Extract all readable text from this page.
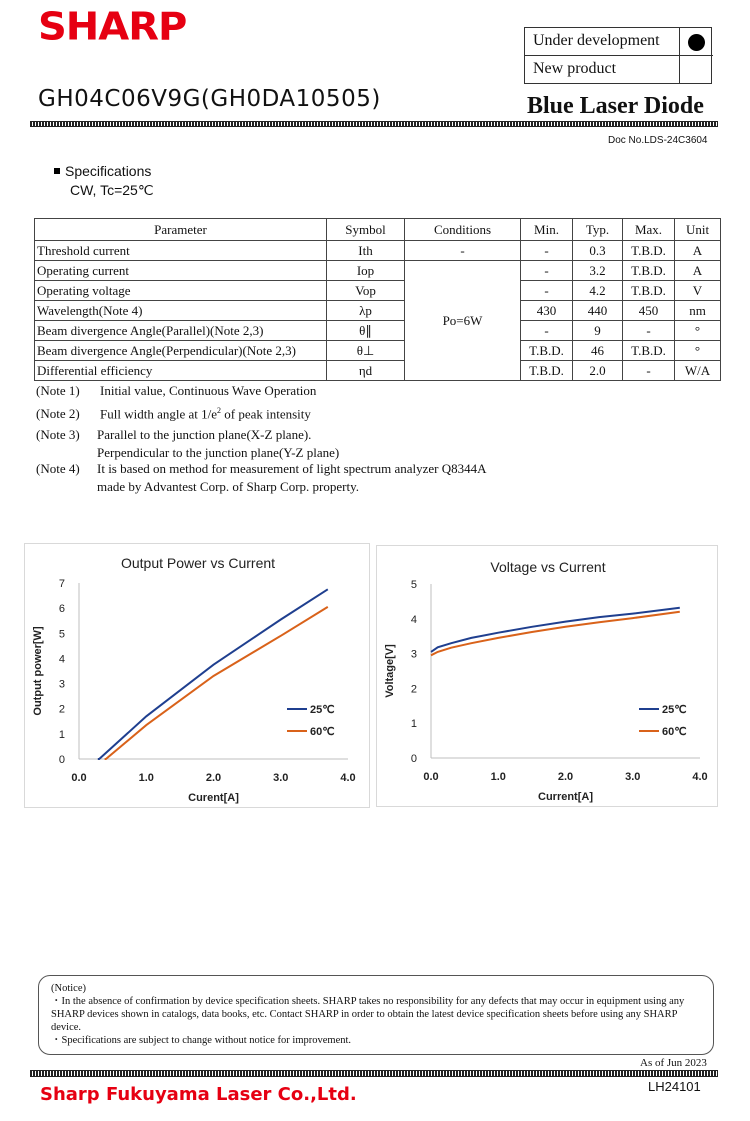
SHARP	Under development
New product
GH04C06V9G(GH0DA10505)	Blue Laser Diode
Doc No.LDS-24C3604
Specifications
CW, Tc=25℃
Parameter	Symbol	Conditions	Min.	Typ.	Max.	Unit
Threshold current	Ith	-	-	0.3	T.B.D.	A
Operating current	Iop	Po=6W	-	3.2	T.B.D.	A
Operating voltage	Vop		-	4.2	T.B.D.	V
Wavelength(Note 4)	λp		430	440	450	nm
Beam divergence Angle(Parallel)(Note 2,3)	θ∥		-	9	-	°
Beam divergence Angle(Perpendicular)(Note 2,3)	θ⊥		T.B.D.	46	T.B.D.	°
Differential efficiency	ηd		T.B.D.	2.0	-	W/A
(Note 1) Initial value, Continuous Wave Operation
(Note 2) Full width angle at $1/e^2$ of peak intensity
(Note 3) Parallel to the junction plane(X-Z plane).
Perpendicular to the junction plane(Y-Z plane)
(Note 4) It is based on method for measurement of light spectrum analyzer Q8344A
made by Advantest Corp. of Sharp Corp. property.
Output Power vs Current
0
1
2
3
4
5
6
7
0.0	1.0	2.0	3.0	4.0
Curent[A]
Output power[W]	25℃
60℃
Voltage vs Current
0
1
2
3
4
5
0.0	1.0	2.0	3.0	4.0
Current[A]
Voltage[V]
25℃
60℃
(Notice)
・In the absence of confirmation by device specification sheets. SHARP takes no responsibility for any defects that may occur in equipment using any SHARP devices shown in catalogs, data books, etc. Contact SHARP in order to obtain the latest device specification sheets before using any SHARP device.
・Specifications are subject to change without notice for improvement.
As of Jun 2023
Sharp Fukuyama Laser Co.,Ltd.	LH24101
